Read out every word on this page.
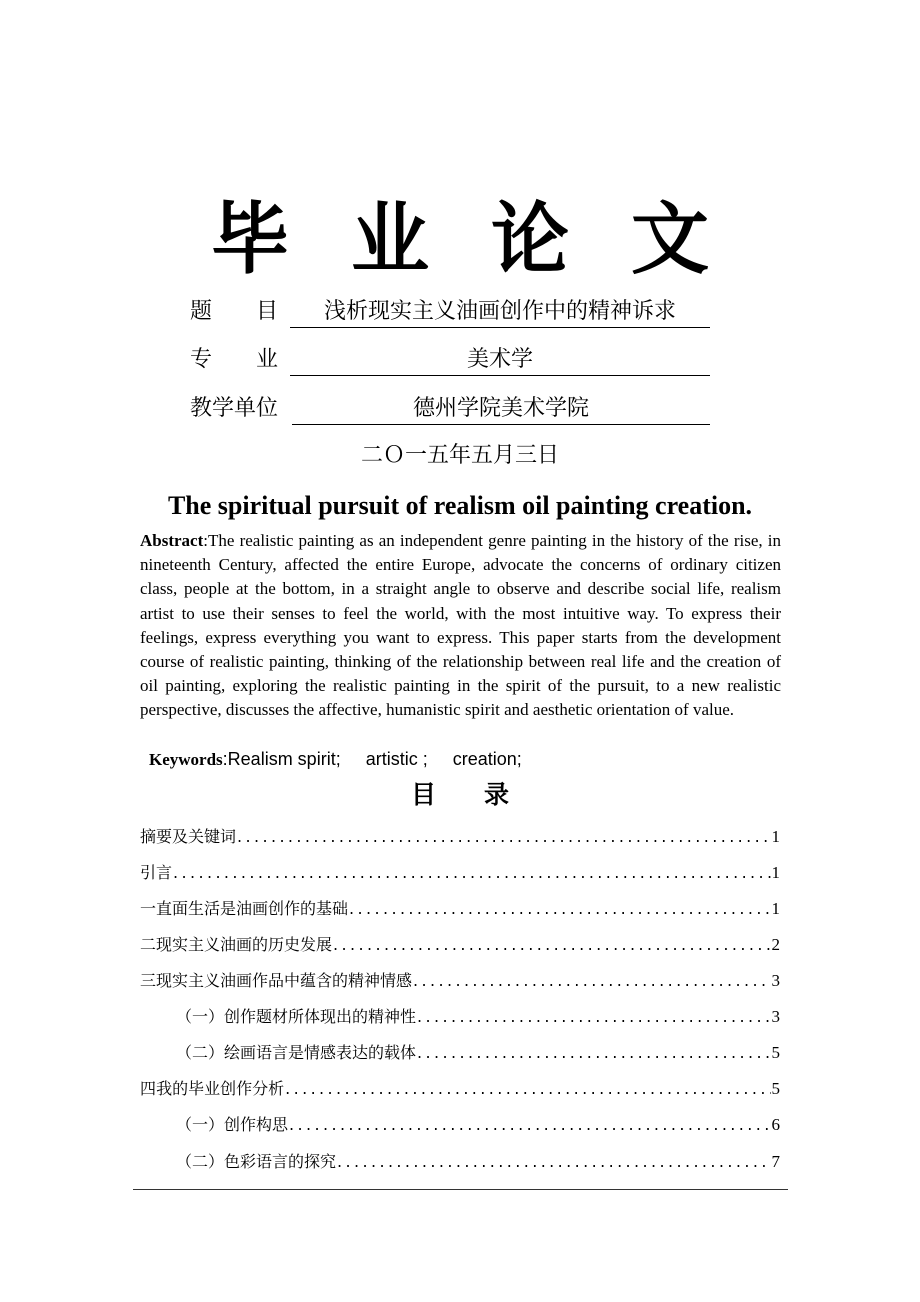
毕业论文
题　　目	浅析现实主义油画创作中的精神诉求
专　　业	美术学
教学单位	德州学院美术学院
二Ｏ一五年五月三日
The spiritual pursuit of realism oil painting creation.
Abstract:The realistic painting as an independent genre painting in the history of the rise, in nineteenth Century, affected the entire Europe, advocate the concerns of ordinary citizen class, people at the bottom, in a straight angle to observe and describe social life, realism artist to use their senses to feel the world, with the most intuitive way. To express their feelings, express everything you want to express. This paper starts from the development course of realistic painting, thinking of the relationship between real life and the creation of oil painting, exploring the realistic painting in the spirit of the pursuit, to a new realistic perspective, discusses the affective, humanistic spirit and aesthetic orientation of value.
Keywords:Realism spirit;     artistic ;     creation;
目录
摘要及关键词 .....	1
引言 .....	1
一 直面生活是油画创作的基础 .....	1
二 现实主义油画的历史发展 .....	2
三 现实主义油画作品中蕴含的精神情感 .....	3
（一） 创作题材所体现出的精神性 .....	3
（二） 绘画语言是情感表达的载体 .....	5
四 我的毕业创作分析 .....	5
（一） 创作构思 .....	6
（二） 色彩语言的探究 .....	7
